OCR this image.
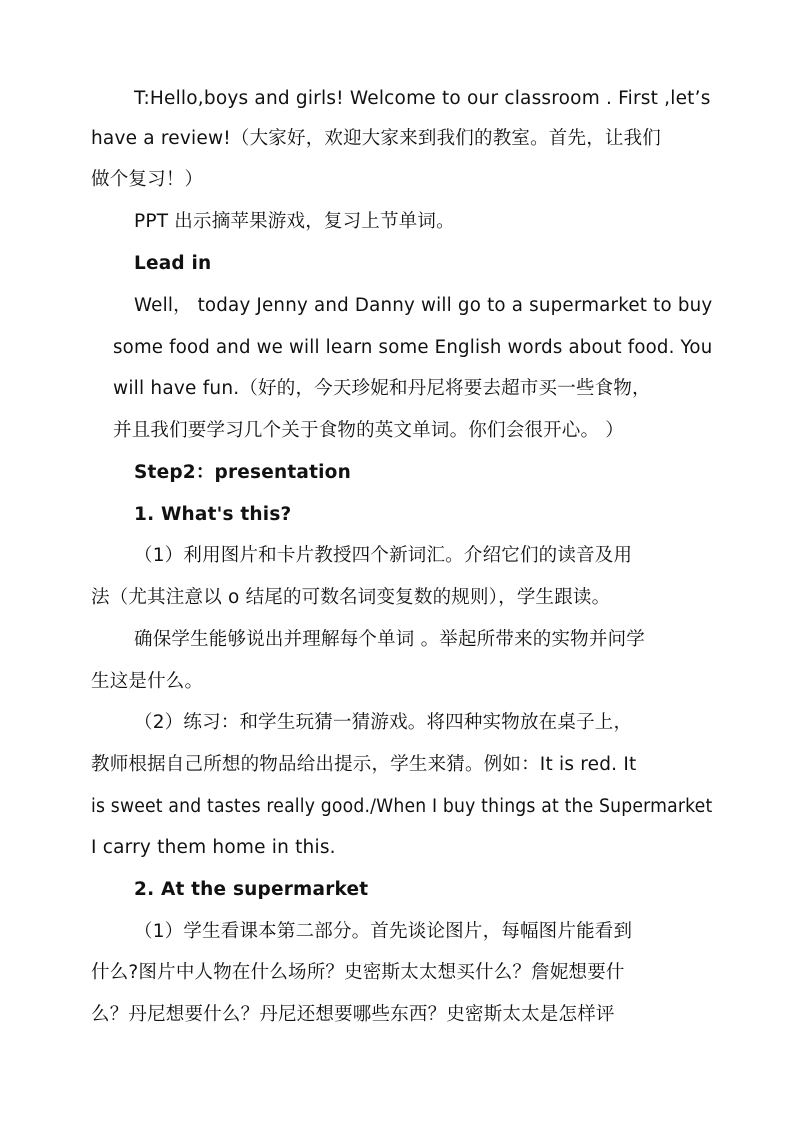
T:Hello,boys and girls! Welcome to our classroom . First ,let’s
have a review!（大家好，欢迎大家来到我们的教室。首先，让我们
做个复习！）
PPT 出示摘苹果游戏，复习上节单词。
Lead in
Well， today Jenny and Danny will go to a supermarket to buy
some food and we will learn some English words about food. You
will have fun.（好的，今天珍妮和丹尼将要去超市买一些食物，
并且我们要学习几个关于食物的英文单词。你们会很开心。 ）
Step2：presentation
1. What's this?
（1）利用图片和卡片教授四个新词汇。介绍它们的读音及用
法（尤其注意以 o 结尾的可数名词变复数的规则），学生跟读。
确保学生能够说出并理解每个单词 。举起所带来的实物并问学
生这是什么。
（2）练习：和学生玩猜一猜游戏。将四种实物放在桌子上，
教师根据自己所想的物品给出提示，学生来猜。例如：It is red. It
is sweet and tastes really good./When I buy things at the Supermarket
I carry them home in this.
2. At the supermarket
（1）学生看课本第二部分。首先谈论图片，每幅图片能看到
什么?图片中人物在什么场所？史密斯太太想买什么？詹妮想要什
么？丹尼想要什么？丹尼还想要哪些东西？史密斯太太是怎样评
